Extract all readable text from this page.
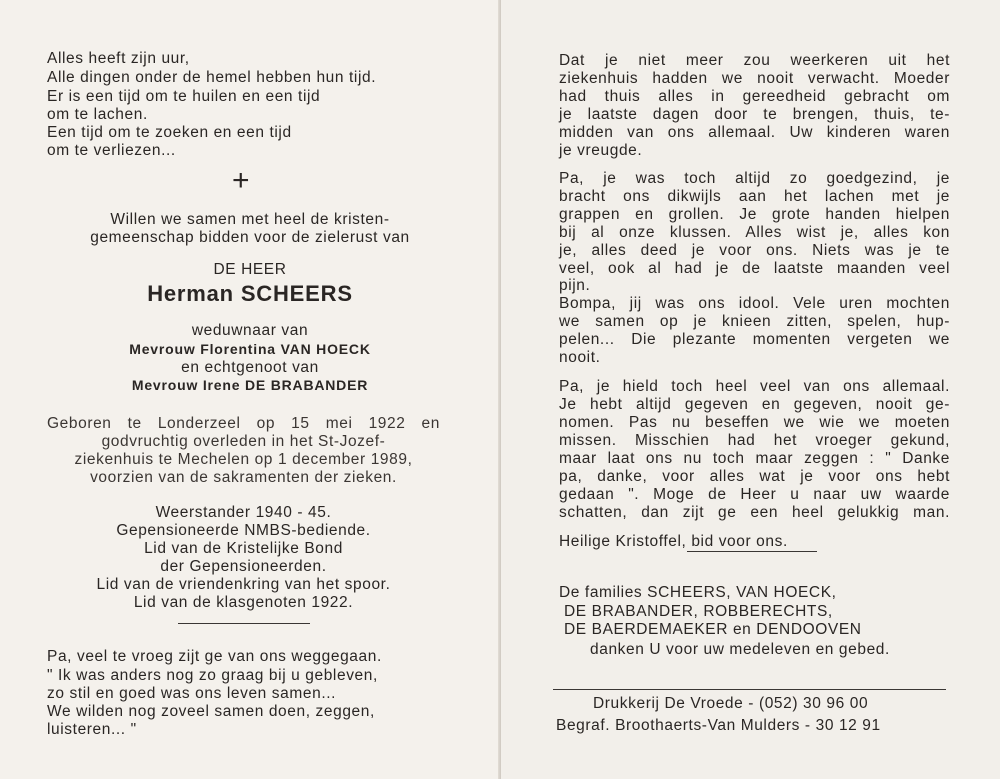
Alles heeft zijn uur,
Alle dingen onder de hemel hebben hun tijd.
Er is een tijd om te huilen en een tijd
om te lachen.
Een tijd om te zoeken en een tijd
om te verliezen...
+
Willen we samen met heel de kristen-
gemeenschap bidden voor de zielerust van
DE HEER
Herman SCHEERS
weduwnaar van
Mevrouw Florentina VAN HOECK
en echtgenoot van
Mevrouw Irene DE BRABANDER
Geboren te Londerzeel op 15 mei 1922 en
godvruchtig overleden in het St-Jozef-
ziekenhuis te Mechelen op 1 december 1989,
voorzien van de sakramenten der zieken.
Weerstander 1940 - 45.
Gepensioneerde NMBS-bediende.
Lid van de Kristelijke Bond
der Gepensioneerden.
Lid van de vriendenkring van het spoor.
Lid van de klasgenoten 1922.
Pa, veel te vroeg zijt ge van ons weggegaan.
" Ik was anders nog zo graag bij u gebleven,
zo stil en goed was ons leven samen...
We wilden nog zoveel samen doen, zeggen,
luisteren... "
Dat je niet meer zou weerkeren uit het
ziekenhuis hadden we nooit verwacht. Moeder
had thuis alles in gereedheid gebracht om
je laatste dagen door te brengen, thuis, te-
midden van ons allemaal. Uw kinderen waren
je vreugde.
Pa, je was toch altijd zo goedgezind, je
bracht ons dikwijls aan het lachen met je
grappen en grollen. Je grote handen hielpen
bij al onze klussen. Alles wist je, alles kon
je, alles deed je voor ons. Niets was je te
veel, ook al had je de laatste maanden veel
pijn.
Bompa, jij was ons idool. Vele uren mochten
we samen op je knieen zitten, spelen, hup-
pelen... Die plezante momenten vergeten we
nooit.
Pa, je hield toch heel veel van ons allemaal.
Je hebt altijd gegeven en gegeven, nooit ge-
nomen. Pas nu beseffen we wie we moeten
missen. Misschien had het vroeger gekund,
maar laat ons nu toch maar zeggen : " Danke
pa, danke, voor alles wat je voor ons hebt
gedaan ". Moge de Heer u naar uw waarde
schatten, dan zijt ge een heel gelukkig man.
Heilige Kristoffel, bid voor ons.
De families SCHEERS, VAN HOECK,
DE BRABANDER, ROBBERECHTS,
DE BAERDEMAEKER en DENDOOVEN
danken U voor uw medeleven en gebed.
Drukkerij De Vroede - (052) 30 96 00
Begraf. Broothaerts-Van Mulders - 30 12 91
